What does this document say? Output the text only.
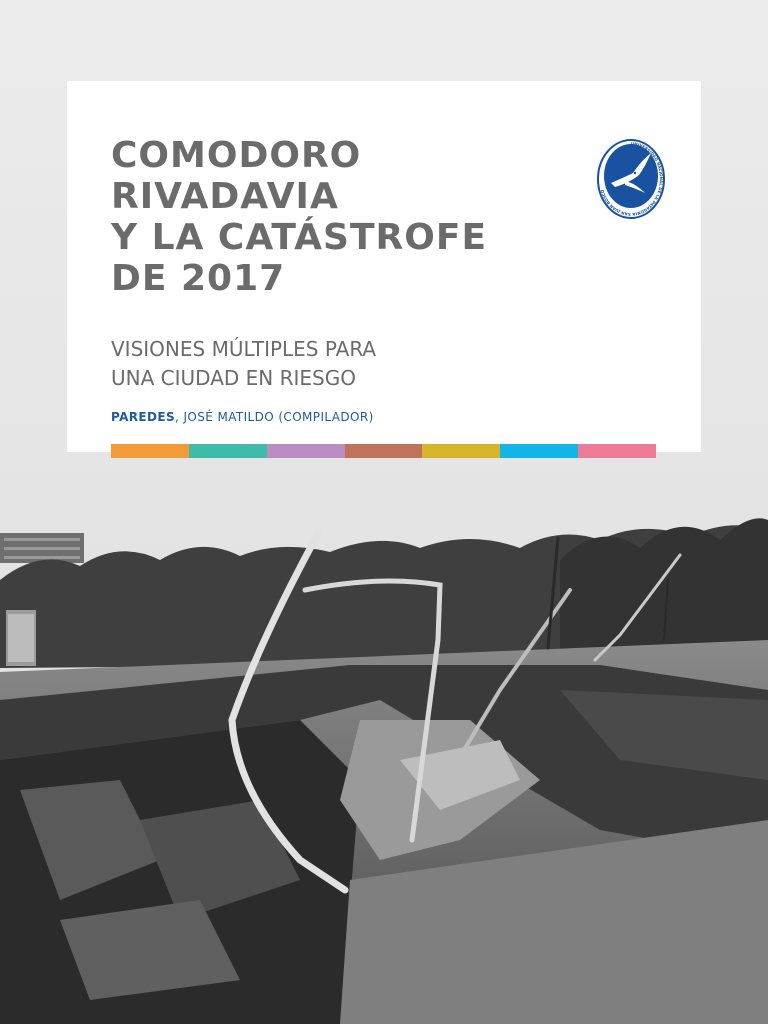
COMODORO
RIVADAVIA
Y LA CATÁSTROFE
DE 2017
VISIONES MÚLTIPLES PARA
UNA CIUDAD EN RIESGO
PAREDES, JOSÉ MATILDO (COMPILADOR)
UNIVERSIDAD NACIONAL DE LA PATAGONIA SAN JUAN BOSCO
